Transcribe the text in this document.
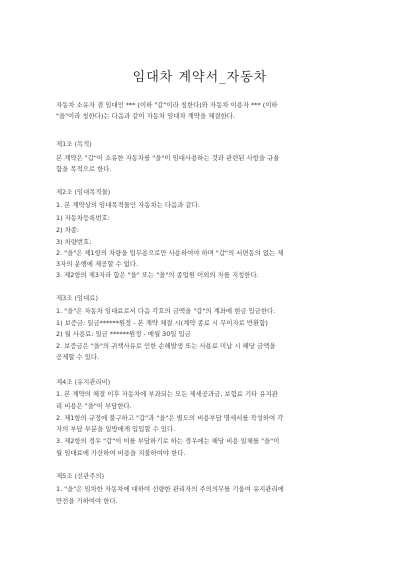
임대차 계약서_자동차

자동차 소유자 겸 임대인 *** (이하 "갑"이라 칭한다)와 자동차 이용자 *** (이하

"을"이라 칭한다)는 다음과 같이 자동차 임대차 계약을 체결한다.

제1조 (목적)

본 계약은 "갑"이 소유한 자동차를 "을"이 임대사용하는 것과 관련된 사항을 규율

함을 목적으로 한다.

제2조 (임대목적물)

1. 본 계약상의 임대목적물인 자동차는 다음과 같다.

1) 자동차등록번호:

2) 차종:

3) 차량번호:

2. "을"은 제1항의 차량을 업무용으로만 사용하여야 하며 "갑"의 서면동의 없는 제

3자의 운행에 제공할 수 없다.

3. 제2항의 제3자라 함은 "을" 또는 "을"의 종업원 이외의 자를 지칭한다.

제3조 (임대료)

1. "을"은 자동차 임대료로서 다음 각호의 금액을 "갑"의 계좌에 현금 입금한다.

1) 보증금: 일금******원정 - 본 계약 체결 시(계약 종료 시 무이자로 반환함)

2) 월 사용료: 일금 ******원정 - 매월 30일 입금

2. 보증금은 "을"의 귀책사유로 인한 손해발생 또는 사용료 미납 시 해당 금액을

공제할 수 있다.

제4조 (유지관리비)

1. 본 계약의 체결 이후 자동차에 부과되는 모든 제세공과금, 보험료 기타 유지관

리 비용은 "을"이 부담한다.

2. 제1항의 규정에 불구하고 "갑"과 "을"은 별도의 비용부담 명세서를 작성하여 각

자의 부담 부분을 일방에게 입입할 수 있다.

3. 제2항의 경우 "갑"이 이를 부담하기로 하는 경우에는 해당 비용 일체를 "을"이

월 임대료에 가산하여 비용을 지불하여야 한다.

제5조 (선관주의)

1. "을"은 임차한 자동차에 대하여 선량한 관리자의 주의의무를 기울여 유지관리에

만전을 기하여야 한다.
